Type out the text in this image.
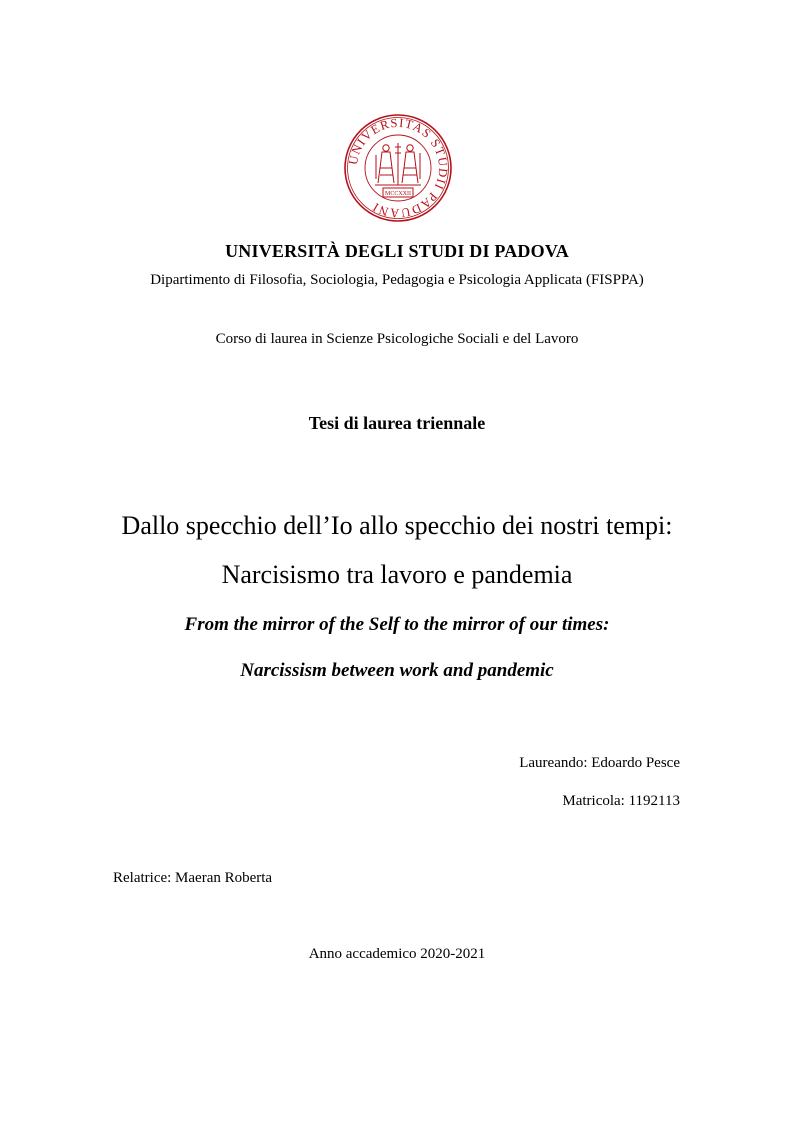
UNIVERSITAS STUDII PADUANI
MCCXXII

UNIVERSITÀ DEGLI STUDI DI PADOVA

Dipartimento di Filosofia, Sociologia, Pedagogia e Psicologia Applicata (FISPPA)

Corso di laurea in Scienze Psicologiche Sociali e del Lavoro

Tesi di laurea triennale

Dallo specchio dell’Io allo specchio dei nostri tempi:

Narcisismo tra lavoro e pandemia

From the mirror of the Self to the mirror of our times:

Narcissism between work and pandemic

Laureando: Edoardo Pesce

Matricola: 1192113

Relatrice: Maeran Roberta

Anno accademico 2020-2021
